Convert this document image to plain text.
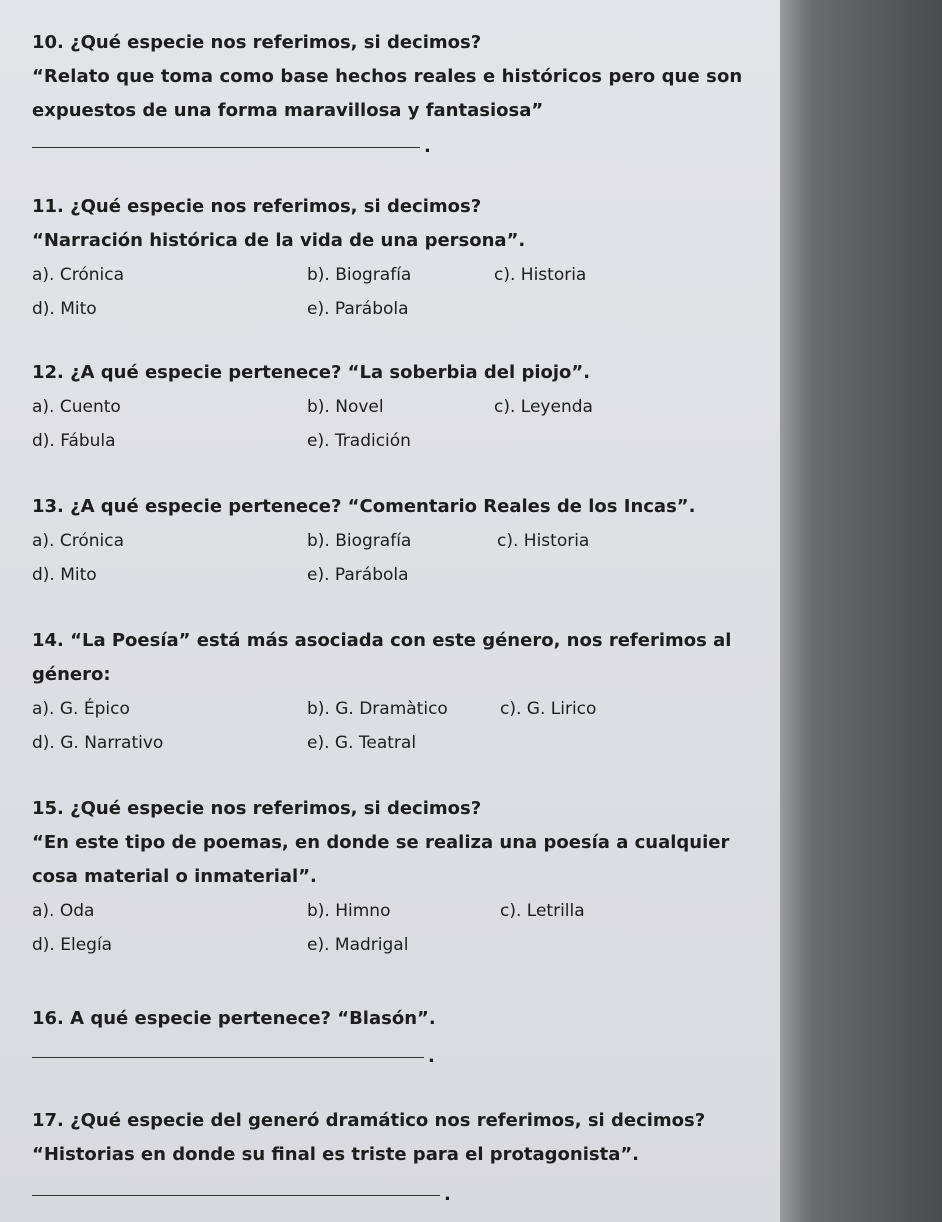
10. ¿Qué especie nos referimos, si decimos?
“Relato que toma como base hechos reales e históricos pero que son
expuestos de una forma maravillosa y fantasiosa”
.
11. ¿Qué especie nos referimos, si decimos?
“Narración histórica de la vida de una persona”.
a). Crónica	b). Biografía	c). Historia
d). Mito	e). Parábola
12. ¿A qué especie pertenece? “La soberbia del piojo”.
a). Cuento	b). Novel	c). Leyenda
d). Fábula	e). Tradición
13. ¿A qué especie pertenece? “Comentario Reales de los Incas”.
a). Crónica	b). Biografía	c). Historia
d). Mito	e). Parábola
14. “La Poesía” está más asociada con este género, nos referimos al
género:
a). G. Épico	b). G. Dramàtico	c). G. Lirico
d). G. Narrativo	e). G. Teatral
15. ¿Qué especie nos referimos, si decimos?
“En este tipo de poemas, en donde se realiza una poesía a cualquier
cosa material o inmaterial”.
a). Oda	b). Himno	c). Letrilla
d). Elegía	e). Madrigal
16. A qué especie pertenece? “Blasón”.
.
17. ¿Qué especie del generó dramático nos referimos, si decimos?
“Historias en donde su final es triste para el protagonista”.
.
